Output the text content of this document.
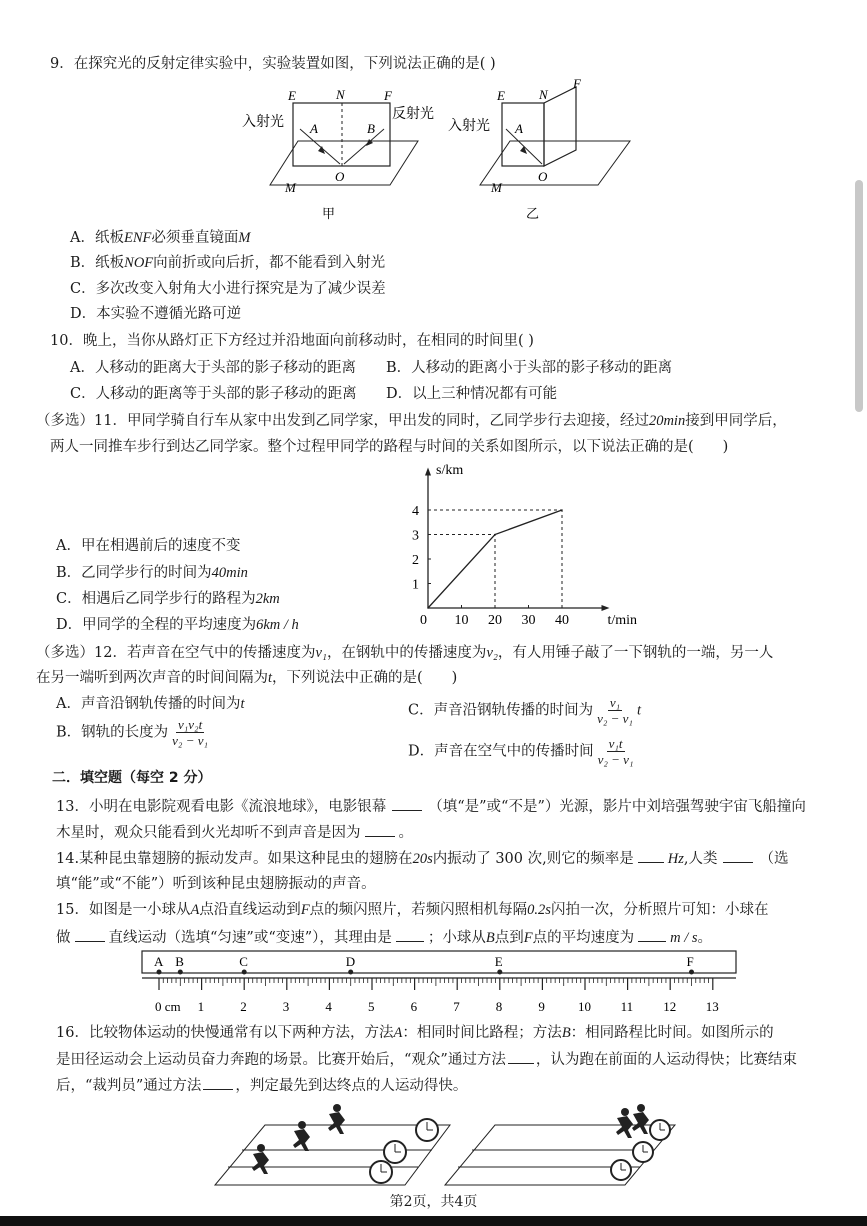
9．在探究光的反射定律实验中，实验装置如图，下列说法正确的是( )
E	N	F
A	B
O
M
入射光
反射光
甲
E	N
F
A
O
M
入射光
乙
A．纸板ENF必须垂直镜面M
B．纸板NOF向前折或向后折，都不能看到入射光
C．多次改变入射角大小进行探究是为了减少误差
D．本实验不遵循光路可逆
10．晚上，当你从路灯正下方经过并沿地面向前移动时，在相同的时间里( )
A．人移动的距离大于头部的影子移动的距离 B．人移动的距离小于头部的影子移动的距离
C．人移动的距离等于头部的影子移动的距离 D．以上三种情况都有可能
（多选）11．甲同学骑自行车从家中出发到乙同学家，甲出发的同时，乙同学步行去迎接，经过20min接到甲同学后，
两人一同推车步行到达乙同学家。整个过程甲同学的路程与时间的关系如图所示，以下说法正确的是(　　)
A．甲在相遇前后的速度不变
B．乙同学步行的时间为40min
C．相遇后乙同学步行的路程为2km
D．甲同学的全程的平均速度为6km / h	0 10 20 30 40
1
2
3
4
t/min
s/km
（多选）12．若声音在空气中的传播速度为v₁，在钢轨中的传播速度为v₂，有人用锤子敲了一下钢轨的一端，另一人
在另一端听到两次声音的时间间隔为t，下列说法中正确的是(　　)
A．声音沿钢轨传播的时间为t
B．钢轨的长度为 $\frac{\text{v₁v₂t}}{\text{v₂ − v₁}}$
C．声音沿钢轨传播的时间为 $\frac{\text{v₁}}{\text{v₂ − v₁}}$ t
D．声音在空气中的传播时间 $\frac{\text{v₁t}}{\text{v₂ − v₁}}$
二．填空题（每空 2 分）
13．小明在电影院观看电影《流浪地球》，电影银幕	（填“是”或“不是”）光源，影片中刘培强驾驶宇宙飞船撞向
木星时，观众只能看到火光却听不到声音是因为	。
14.某种昆虫靠翅膀的振动发声。如果这种昆虫的翅膀在20s内振动了 300 次,则它的频率是 Hz,人类	（选
填“能”或“不能”）听到该种昆虫翅膀振动的声音。
15．如图是一小球从A点沿直线运动到F点的频闪照片，若频闪照相机每隔0.2s闪拍一次，分析照片可知：小球在
做	直线运动（选填“匀速”或“变速”），其理由是 ；小球从B点到F点的平均速度为 m / s。
0 cm 1	2	3	4	5	6	7	8	9	10 11 12 13
A B	C	D	E	F
16．比较物体运动的快慢通常有以下两种方法，方法A：相同时间比路程；方法B：相同路程比时间。如图所示的
是田径运动会上运动员奋力奔跑的场景。比赛开始后，“观众”通过方法 ，认为跑在前面的人运动得快；比赛结束
后，“裁判员”通过方法 ，判定最先到达终点的人运动得快。
第2页，共4页
